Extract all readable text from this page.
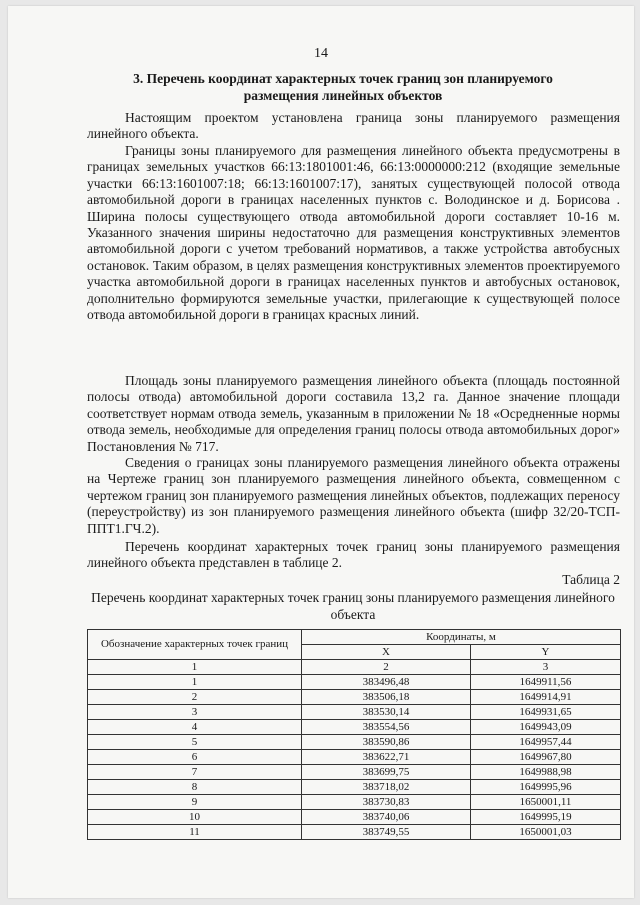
14
3. Перечень координат характерных точек границ зон планируемого
размещения линейных объектов

Настоящим проектом установлена граница зоны планируемого размещения линейного объекта.

Границы зоны планируемого для размещения линейного объекта предусмотрены в границах земельных участков 66:13:1801001:46, 66:13:0000000:212 (входящие земельные участки 66:13:1601007:18; 66:13:1601007:17), занятых существующей полосой отвода автомобильной дороги в границах населенных пунктов с. Володинское и д. Борисова . Ширина полосы существующего отвода автомобильной дороги составляет 10-16 м. Указанного значения ширины недостаточно для размещения конструктивных элементов автомобильной дороги с учетом требований нормативов, а также устройства автобусных остановок. Таким образом, в целях размещения конструктивных элементов проектируемого участка автомобильной дороги в границах населенных пунктов и автобусных остановок, дополнительно формируются земельные участки, прилегающие к существующей полосе отвода автомобильной дороги в границах красных линий.

Площадь зоны планируемого размещения линейного объекта (площадь постоянной полосы отвода) автомобильной дороги составила 13,2 га. Данное значение площади соответствует нормам отвода земель, указанным в приложении № 18 «Осредненные нормы отвода земель, необходимые для определения границ полосы отвода автомобильных дорог» Постановления № 717.

Сведения о границах зоны планируемого размещения линейного объекта отражены на Чертеже границ зон планируемого размещения линейного объекта, совмещенном с чертежом границ зон планируемого размещения линейных объектов, подлежащих переносу (переустройству) из зон планируемого размещения линейного объекта (шифр 32/20-ТСП-ППТ1.ГЧ.2).

Перечень координат характерных точек границ зоны планируемого размещения линейного объекта представлен в таблице 2.

Таблица 2
Перечень координат характерных точек границ зоны планируемого размещения линейного объекта
Обозначение характерных точек границ	Координаты, м	
	X	Y
1	2	3
1	383496,48	1649911,56
2	383506,18	1649914,91
3	383530,14	1649931,65
4	383554,56	1649943,09
5	383590,86	1649957,44
6	383622,71	1649967,80
7	383699,75	1649988,98
8	383718,02	1649995,96
9	383730,83	1650001,11
10	383740,06	1649995,19
11	383749,55	1650001,03
